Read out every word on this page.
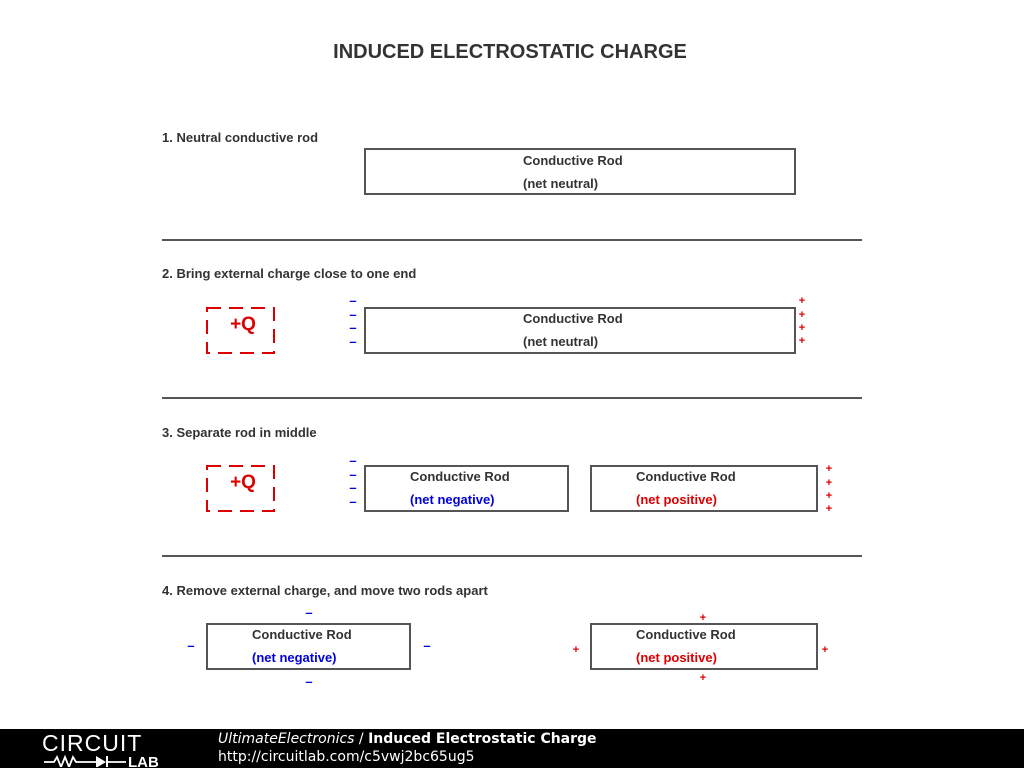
INDUCED ELECTROSTATIC CHARGE
1. Neutral conductive rod
Conductive Rod
(net neutral)
2. Bring external charge close to one end
+Q	Conductive Rod
(net neutral)
–
–
–
–
+
+
+
+
3. Separate rod in middle
+Q	Conductive Rod
(net negative)
Conductive Rod
(net positive)
–
–
–
–
+
+
+
+
4. Remove external charge, and move two rods apart
Conductive Rod
(net negative)
Conductive Rod
(net positive)
–
–	–
–
+
+	+
+
CIRCUIT
LAB
UltimateElectronics / Induced Electrostatic Charge
http://circuitlab.com/c5vwj2bc65ug5
